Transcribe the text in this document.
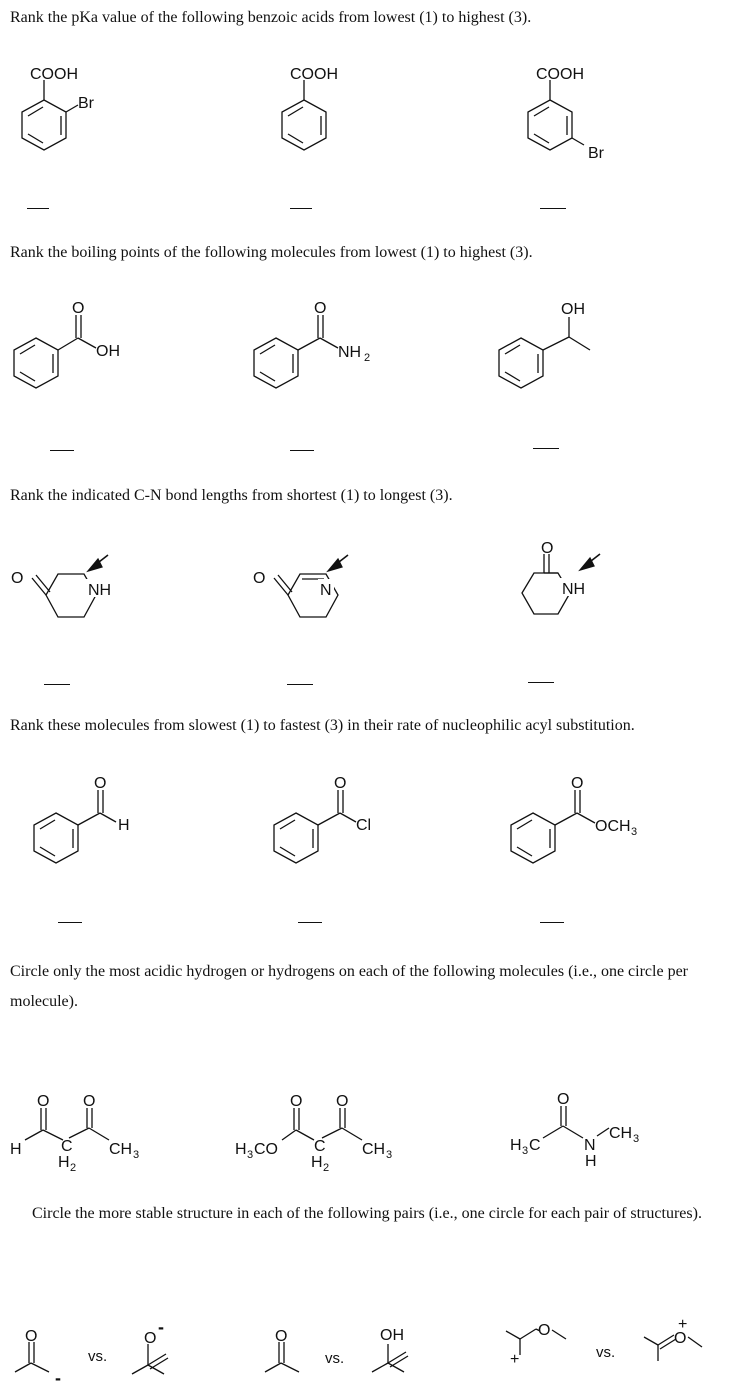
Rank the pKa value of the following benzoic acids from lowest (1) to highest (3).
COOH
Br
COOH	COOH
Br
Rank the boiling points of the following molecules from lowest (1) to highest (3).
O
OH
O
NH 2
OH
Rank the indicated C-N bond lengths from shortest (1) to longest (3).
O
NH
O
N
O
NH
Rank these molecules from slowest (1) to fastest (3) in their rate of nucleophilic acyl substitution.
O
H
O
Cl
O
OCH 3
Circle only the most acidic hydrogen or hydrogens on each of the following molecules (i.e., one circle per molecule).
H
O
C
H 2
O
CH 3	H 3 CO
O
C
H 2
O
CH 3
H 3 C
O
N
H
CH 3
Circle the more stable structure in each of the following pairs (i.e., one circle for each pair of structures).
O
-
vs.
O
-	O
vs.
OH	O
+	vs.
O
+
